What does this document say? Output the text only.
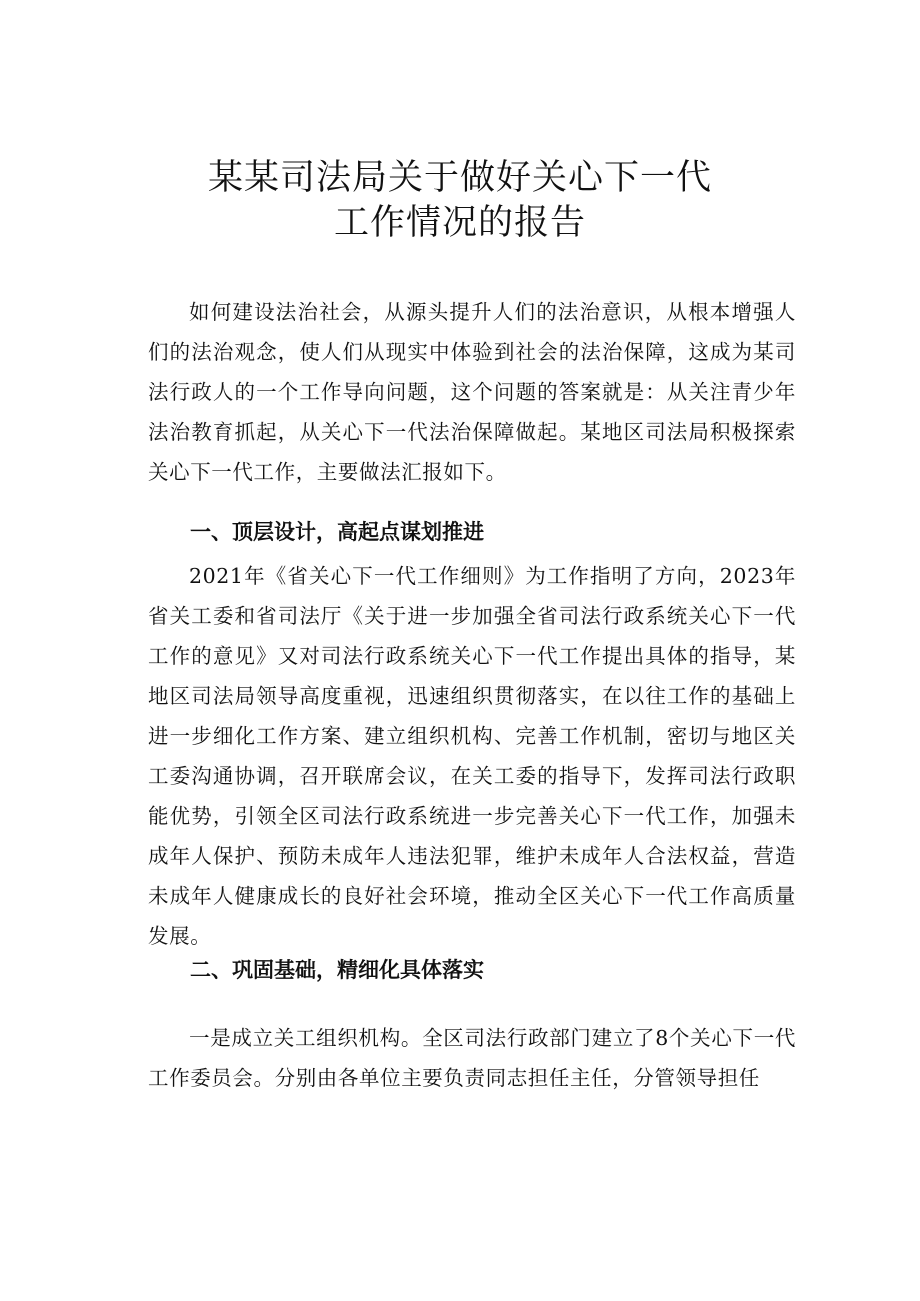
某某司法局关于做好关心下一代
工作情况的报告

如何建设法治社会，从源头提升人们的法治意识，从根本增强人们的法治观念，使人们从现实中体验到社会的法治保障，这成为某司法行政人的一个工作导向问题，这个问题的答案就是：从关注青少年法治教育抓起，从关心下一代法治保障做起。某地区司法局积极探索关心下一代工作，主要做法汇报如下。

一、顶层设计，高起点谋划推进

2021年《省关心下一代工作细则》为工作指明了方向，2023年省关工委和省司法厅《关于进一步加强全省司法行政系统关心下一代工作的意见》又对司法行政系统关心下一代工作提出具体的指导，某地区司法局领导高度重视，迅速组织贯彻落实，在以往工作的基础上进一步细化工作方案、建立组织机构、完善工作机制，密切与地区关工委沟通协调，召开联席会议，在关工委的指导下，发挥司法行政职能优势，引领全区司法行政系统进一步完善关心下一代工作，加强未成年人保护、预防未成年人违法犯罪，维护未成年人合法权益，营造未成年人健康成长的良好社会环境，推动全区关心下一代工作高质量发展。

二、巩固基础，精细化具体落实

一是成立关工组织机构。全区司法行政部门建立了8个关心下一代工作委员会。分别由各单位主要负责同志担任主任，分管领导担任
